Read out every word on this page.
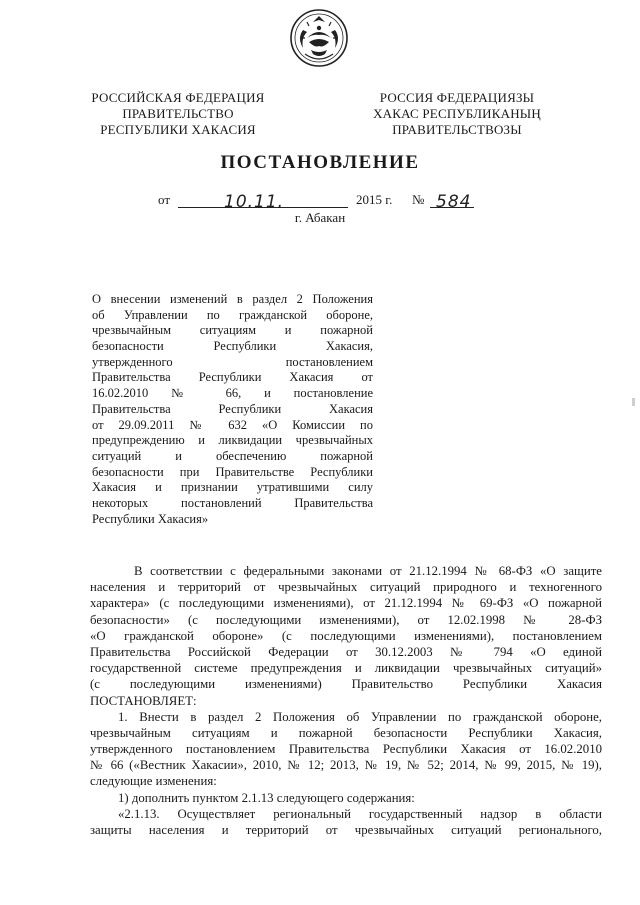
РОССИЙСКАЯ ФЕДЕРАЦИЯ
ПРАВИТЕЛЬСТВО
РЕСПУБЛИКИ ХАКАСИЯ
РОССИЯ ФЕДЕРАЦИЯЗЫ
ХАКАС РЕСПУБЛИКАНЫҢ
ПРАВИТЕЛЬСТВОЗЫ
ПОСТАНОВЛЕНИЕ
от	10.11.	2015 г. № 584
г. Абакан
О внесении изменений в раздел 2 Положения
об Управлении по гражданской обороне,
чрезвычайным ситуациям и пожарной
безопасности Республики Хакасия,
утвержденного постановлением
Правительства Республики Хакасия от
16.02.2010 № 66, и постановление
Правительства Республики Хакасия
от 29.09.2011 № 632 «О Комиссии по
предупреждению и ликвидации чрезвычайных
ситуаций и обеспечению пожарной
безопасности при Правительстве Республики
Хакасия и признании утратившими силу
некоторых постановлений Правительства
Республики Хакасия»
В соответствии с федеральными законами от 21.12.1994 № 68-ФЗ «О защите
населения и территорий от чрезвычайных ситуаций природного и техногенного
характера» (с последующими изменениями), от 21.12.1994 № 69-ФЗ «О пожарной
безопасности» (с последующими изменениями), от 12.02.1998 № 28-ФЗ
«О гражданской обороне» (с последующими изменениями), постановлением
Правительства Российской Федерации от 30.12.2003 № 794 «О единой
государственной системе предупреждения и ликвидации чрезвычайных ситуаций»
(с последующими изменениями) Правительство Республики Хакасия
ПОСТАНОВЛЯЕТ:
1. Внести в раздел 2 Положения об Управлении по гражданской обороне,
чрезвычайным ситуациям и пожарной безопасности Республики Хакасия,
утвержденного постановлением Правительства Республики Хакасия от 16.02.2010
№ 66 («Вестник Хакасии», 2010, № 12; 2013, № 19, № 52; 2014, № 99, 2015, № 19),
следующие изменения:
1) дополнить пунктом 2.1.13 следующего содержания:
«2.1.13. Осуществляет региональный государственный надзор в области
защиты населения и территорий от чрезвычайных ситуаций регионального,
